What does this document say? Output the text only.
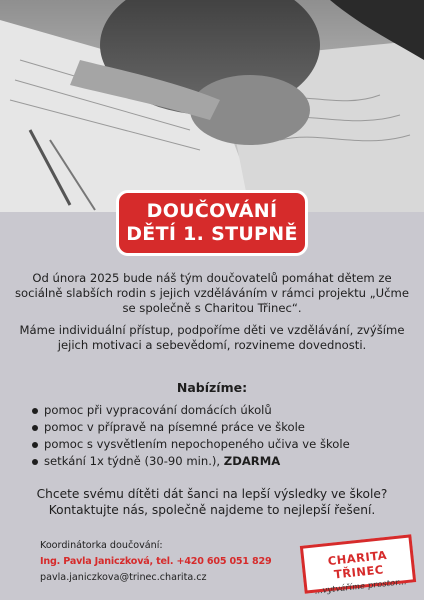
DOUČOVÁNÍ
DĚTÍ 1. STUPNĚ
Od února 2025 bude náš tým doučovatelů pomáhat dětem ze sociálně slabších rodin s jejich vzděláváním v rámci projektu „Učme se společně s Charitou Třinec“.
Máme individuální přístup, podpoříme děti ve vzdělávání, zvýšíme jejich motivaci a sebevědomí, rozvineme dovednosti.
Nabízíme:
pomoc při vypracování domácích úkolů
pomoc v přípravě na písemné práce ve škole
pomoc s vysvětlením nepochopeného učiva ve škole
setkání 1x týdně (30-90 min.), ZDARMA
Chcete svému dítěti dát šanci na lepší výsledky ve škole? Kontaktujte nás, společně najdeme to nejlepší řešení.
Koordinátorka doučování:
Ing. Pavla Janiczková, tel. +420 605 051 829
pavla.janiczkova@trinec.charita.cz
CHARITA TŘINEC
...vytváříme prostor...
